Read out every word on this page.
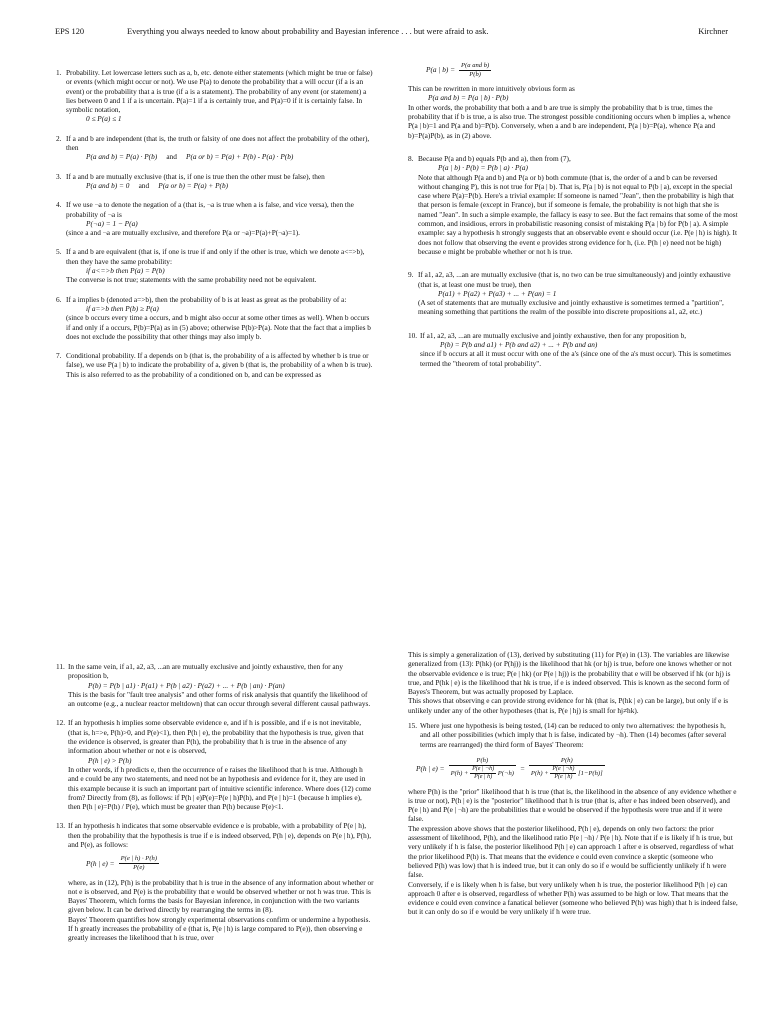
EPS 120	Everything you always needed to know about probability and Bayesian inference . . . but were afraid to ask.	Kirchner
1. Probability. Let lowercase letters such as a, b, etc. denote either statements (which might be true or false) or events (which might occur or not). We use P(a) to denote the probability that a will occur (if a is an event) or the probability that a is true (if a is a statement). The probability of any event (or statement) a lies between 0 and 1 if a is uncertain. P(a)=1 if a is certainly true, and P(a)=0 if it is certainly false. In symbolic notation,

0 ≤ P(a) ≤ 1

2. If a and b are independent (that is, the truth or falsity of one does not affect the probability of the other), then

P(a and b) = P(a) · P(b) and P(a or b) = P(a) + P(b) - P(a) · P(b)

3. If a and b are mutually exclusive (that is, if one is true then the other must be false), then

P(a and b) = 0 and P(a or b) = P(a) + P(b)

4. If we use ¬a to denote the negation of a (that is, ¬a is true when a is false, and vice versa), then the probability of ¬a is

P(¬a) = 1 − P(a)

(since a and ¬a are mutually exclusive, and therefore P(a or ¬a)=P(a)+P(¬a)=1).

5. If a and b are equivalent (that is, if one is true if and only if the other is true, which we denote a<=>b), then they have the same probability:

if a<=>b then P(a) = P(b)

The converse is not true; statements with the same probability need not be equivalent.

6. If a implies b (denoted a=>b), then the probability of b is at least as great as the probability of a:

if a=>b then P(b) ≥ P(a)

(since b occurs every time a occurs, and b might also occur at some other times as well). When b occurs if and only if a occurs, P(b)=P(a) as in (5) above; otherwise P(b)>P(a). Note that the fact that a implies b does not exclude the possibility that other things may also imply b.

7. Conditional probability. If a depends on b (that is, the probability of a is affected by whether b is true or false), we use P(a | b) to indicate the probability of a, given b (that is, the probability of a when b is true). This is also referred to as the probability of a conditioned on b, and can be expressed as

P(a | $b) = \frac{\text{P(a and b)}}{P(b)}$

This can be rewritten in more intuitively obvious form as

P(a and b) = P(a | b) · P(b)

In other words, the probability that both a and b are true is simply the probability that b is true, times the probability that if b is true, a is also true. The strongest possible conditioning occurs when b implies a, whence P(a | b)=1 and P(a and b)=P(b). Conversely, when a and b are independent, P(a | b)=P(a), whence P(a and b)=P(a)P(b), as in (2) above.

8. Because P(a and b) equals P(b and a), then from (7),

P(a | b) · P(b) = P(b | a) · P(a)

Note that although P(a and b) and P(a or b) both commute (that is, the order of a and b can be reversed without changing P), this is not true for P(a | b). That is, P(a | b) is not equal to P(b | a), except in the special case where P(a)=P(b). Here's a trivial example: If someone is named "Jean", then the probability is high that that person is female (except in France), but if someone is female, the probability is not high that she is named "Jean". In such a simple example, the fallacy is easy to see. But the fact remains that some of the most common, and insidious, errors in probabilistic reasoning consist of mistaking P(a | b) for P(b | a). A simple example: say a hypothesis h strongly suggests that an observable event e should occur (i.e. P(e | h) is high). It does not follow that observing the event e provides strong evidence for h, (i.e. P(h | e) need not be high) because e might be probable whether or not h is true.

9. If a1, a2, a3, ...an are mutually exclusive (that is, no two can be true simultaneously) and jointly exhaustive (that is, at least one must be true), then

P(a1) + P(a2) + P(a3) + ... + P(an) = 1

(A set of statements that are mutually exclusive and jointly exhaustive is sometimes termed a "partition", meaning something that partitions the realm of the possible into discrete propositions a1, a2, etc.)

10. If a1, a2, a3, ...an are mutually exclusive and jointly exhaustive, then for any proposition b,

P(b) = P(b and a1) + P(b and a2) + ... + P(b and an)

since if b occurs at all it must occur with one of the a's (since one of the a's must occur). This is sometimes termed the "theorem of total probability".

11. In the same vein, if a1, a2, a3, ...an are mutually exclusive and jointly exhaustive, then for any proposition b,

P(b) = P(b | a1) · P(a1) + P(b | a2) · P(a2) + ... + P(b | an) · P(an)

This is the basis for "fault tree analysis" and other forms of risk analysis that quantify the likelihood of an outcome (e.g., a nuclear reactor meltdown) that can occur through several different causal pathways.

12. If an hypothesis h implies some observable evidence e, and if h is possible, and if e is not inevitable, (that is, h=>e, P(h)>0, and P(e)<1), then P(h | e), the probability that the hypothesis is true, given that the evidence is observed, is greater than P(h), the probability that h is true in the absence of any information about whether or not e is observed,

P(h | e) > P(h)

In other words, if h predicts e, then the occurrence of e raises the likelihood that h is true. Although h and e could be any two statements, and need not be an hypothesis and evidence for it, they are used in this example because it is such an important part of intuitive scientific inference. Where does (12) come from? Directly from (8), as follows: if P(h | e)P(e)=P(e | h)P(h), and P(e | h)=1 (because h implies e), then P(h | e)=P(h) / P(e), which must be greater than P(h) because P(e)<1.

13. If an hypothesis h indicates that some observable evidence e is probable, with a probability of P(e | h), then the probability that the hypothesis is true if e is indeed observed, P(h | e), depends on P(e | h), P(h), and P(e), as follows:

P(h | $e) = \frac{P(e | h) \cdot P(h)}{P(e)}$

where, as in (12), P(h) is the probability that h is true in the absence of any information about whether or not e is observed, and P(e) is the probability that e would be observed whether or not h was true. This is Bayes' Theorem, which forms the basis for Bayesian inference, in conjunction with the two variants given below. It can be derived directly by rearranging the terms in (8).

Bayes' Theorem quantifies how strongly experimental observations confirm or undermine a hypothesis. If h greatly increases the probability of e (that is, P(e | h) is large compared to P(e)), then observing e greatly increases the likelihood that h is true, over

This is simply a generalization of (13), derived by substituting (11) for P(e) in (13). The variables are likewise generalized from (13): P(hk) (or P(hj)) is the likelihood that hk (or hj) is true, before one knows whether or not the observable evidence e is true; P(e | hk) (or P(e | hj)) is the probability that e will be observed if hk (or hj) is true, and P(hk | e) is the likelihood that hk is true, if e is indeed observed. This is known as the second form of Bayes's Theorem, but was actually proposed by Laplace.

This shows that observing e can provide strong evidence for hk (that is, P(hk | e) can be large), but only if e is unlikely under any of the other hypotheses (that is, P(e | hj) is small for hj≠hk).

15. Where just one hypothesis is being tested, (14) can be reduced to only two alternatives: the hypothesis h, and all other possibilities (which imply that h is false, indicated by ¬h). Then (14) becomes (after several terms are rearranged) the third form of Bayes' Theorem:

P(h | e) =
P(h)
$P(h) + \frac{P(e | \neg h)}{P(e | h)}$ P(¬h) =
P(h)
$P(h) + \frac{P(e | \neg h)}{P(e | h)} [1-P(h)]$

where P(h) is the "prior" likelihood that h is true (that is, the likelihood in the absence of any evidence whether e is true or not), P(h | e) is the "posterior" likelihood that h is true (that is, after e has indeed been observed), and P(e | h) and P(e | ¬h) are the probabilities that e would be observed if the hypothesis were true and if it were false.

The expression above shows that the posterior likelihood, P(h | e), depends on only two factors: the prior assessment of likelihood, P(h), and the likelihood ratio P(e | ¬h) / P(e | h). Note that if e is likely if h is true, but very unlikely if h is false, the posterior likelihood P(h | e) can approach 1 after e is observed, regardless of what the prior likelihood P(h) is. That means that the evidence e could even convince a skeptic (someone who believed P(h) was low) that h is indeed true, but it can only do so if e would be sufficiently unlikely if h were false.

Conversely, if e is likely when h is false, but very unlikely when h is true, the posterior likelihood P(h | e) can approach 0 after e is observed, regardless of whether P(h) was assumed to be high or low. That means that the evidence e could even convince a fanatical believer (someone who believed P(h) was high) that h is indeed false, but it can only do so if e would be very unlikely if h were true.
